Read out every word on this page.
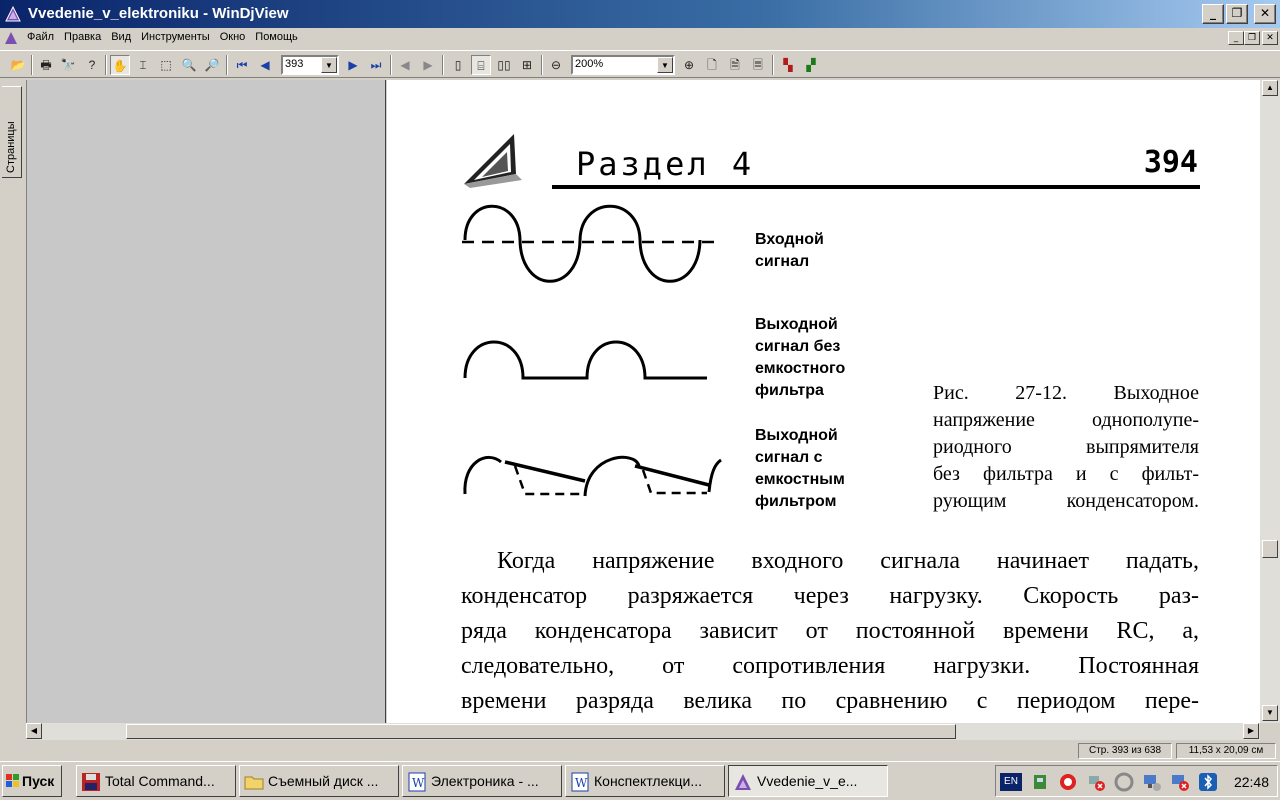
Vvedenie_v_elektroniku - WinDjView	_	❐	✕
Файл Правка Вид Инструменты Окно Помощь	_	❐	✕
📂	🖶 🔭	?	✋ ⌶	⬚ 🔍 🔎	⏮	◀	393	▼	▶	⏭	◀	▶	▯	⌸	▯▯ ⊞	⊖	200%	▼	⊕	🗋	🗎	🗏	▚	▞
Страницы	Раздел 4	394
Входной
сигнал
Выходной
сигнал без
емкостного
фильтра
Выходной
сигнал с
емкостным
фильтром
Рис. 27-12. Выходное
напряжение однополупе-
риодного выпрямителя
без фильтра и с фильт-
рующим конденсатором.
Когда напряжение входного сигнала начинает падать,
конденсатор разряжается через нагрузку. Скорость раз-
ряда конденсатора зависит от постоянной времени RC, а,
следовательно, от сопротивления нагрузки. Постоянная
времени разряда велика по сравнению с периодом пере-
▲
▼
◀	▶
Стр. 393 из 638	11,53 x 20,09 см
Пуск	Total Command...	Съемный диск ...	W Электроника - ...	W Конспектлекци...	Vvedenie_v_e...	EN	22:48
